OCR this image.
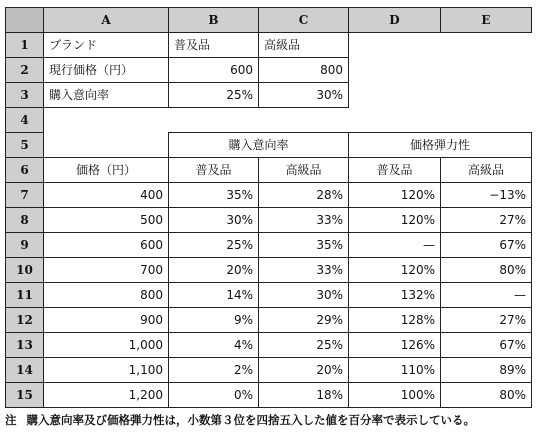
	A	B	C	D	E
1	ブランド	普及品	高級品		
2	現行価格（円）	600	800		
3	購入意向率	25%	30%		
4					
5		購入意向率		価格弾力性	
6	価格（円）	普及品	高級品	普及品	高級品
7	400	35%	28%	120%	−13%
8	500	30%	33%	120%	27%
9	600	25%	35%	—	67%
10	700	20%	33%	120%	80%
11	800	14%	30%	132%	—
12	900	9%	29%	128%	27%
13	1,000	4%	25%	126%	67%
14	1,100	2%	20%	110%	89%
15	1,200	0%	18%	100%	80%
注 購入意向率及び価格弾力性は，小数第３位を四捨五入した値を百分率で表示している。
